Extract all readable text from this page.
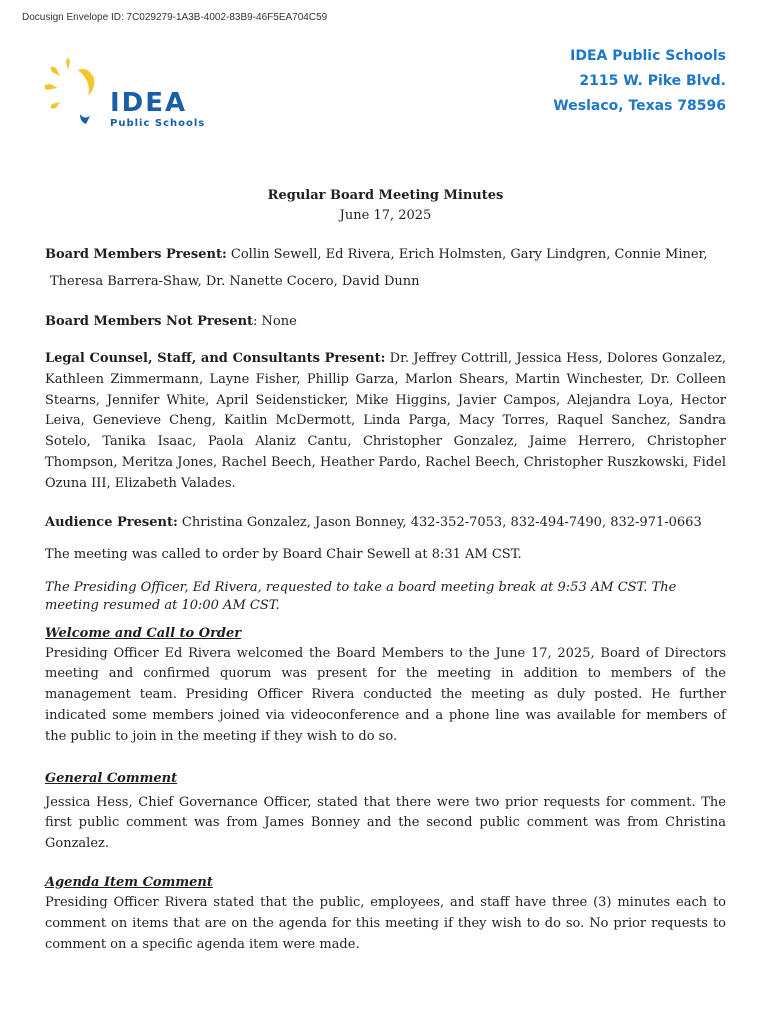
Docusign Envelope ID: 7C029279-1A3B-4002-83B9-46F5EA704C59
IDEA
Public Schools
IDEA Public Schools
2115 W. Pike Blvd.
Weslaco, Texas 78596
Regular Board Meeting Minutes
June 17, 2025

Board Members Present: Collin Sewell, Ed Rivera, Erich Holmsten, Gary Lindgren, Connie Miner,

Theresa Barrera-Shaw, Dr. Nanette Cocero, David Dunn

Board Members Not Present: None

Legal Counsel, Staff, and Consultants Present: Dr. Jeffrey Cottrill, Jessica Hess, Dolores Gonzalez, Kathleen Zimmermann, Layne Fisher, Phillip Garza, Marlon Shears, Martin Winchester, Dr. Colleen Stearns, Jennifer White, April Seidensticker, Mike Higgins, Javier Campos, Alejandra Loya, Hector Leiva, Genevieve Cheng, Kaitlin McDermott, Linda Parga, Macy Torres, Raquel Sanchez, Sandra Sotelo, Tanika Isaac, Paola Alaniz Cantu, Christopher Gonzalez, Jaime Herrero, Christopher Thompson, Meritza Jones, Rachel Beech, Heather Pardo, Rachel Beech, Christopher Ruszkowski, Fidel Ozuna III, Elizabeth Valades.

Audience Present: Christina Gonzalez, Jason Bonney, 432-352-7053, 832-494-7490, 832-971-0663

The meeting was called to order by Board Chair Sewell at 8:31 AM CST.

The Presiding Officer, Ed Rivera, requested to take a board meeting break at 9:53 AM CST. The meeting resumed at 10:00 AM CST.

Welcome and Call to Order

Presiding Officer Ed Rivera welcomed the Board Members to the June 17, 2025, Board of Directors meeting and confirmed quorum was present for the meeting in addition to members of the management team. Presiding Officer Rivera conducted the meeting as duly posted. He further indicated some members joined via videoconference and a phone line was available for members of the public to join in the meeting if they wish to do so.

General Comment

Jessica Hess, Chief Governance Officer, stated that there were two prior requests for comment. The first public comment was from James Bonney and the second public comment was from Christina Gonzalez.

Agenda Item Comment

Presiding Officer Rivera stated that the public, employees, and staff have three (3) minutes each to comment on items that are on the agenda for this meeting if they wish to do so. No prior requests to comment on a specific agenda item were made.
